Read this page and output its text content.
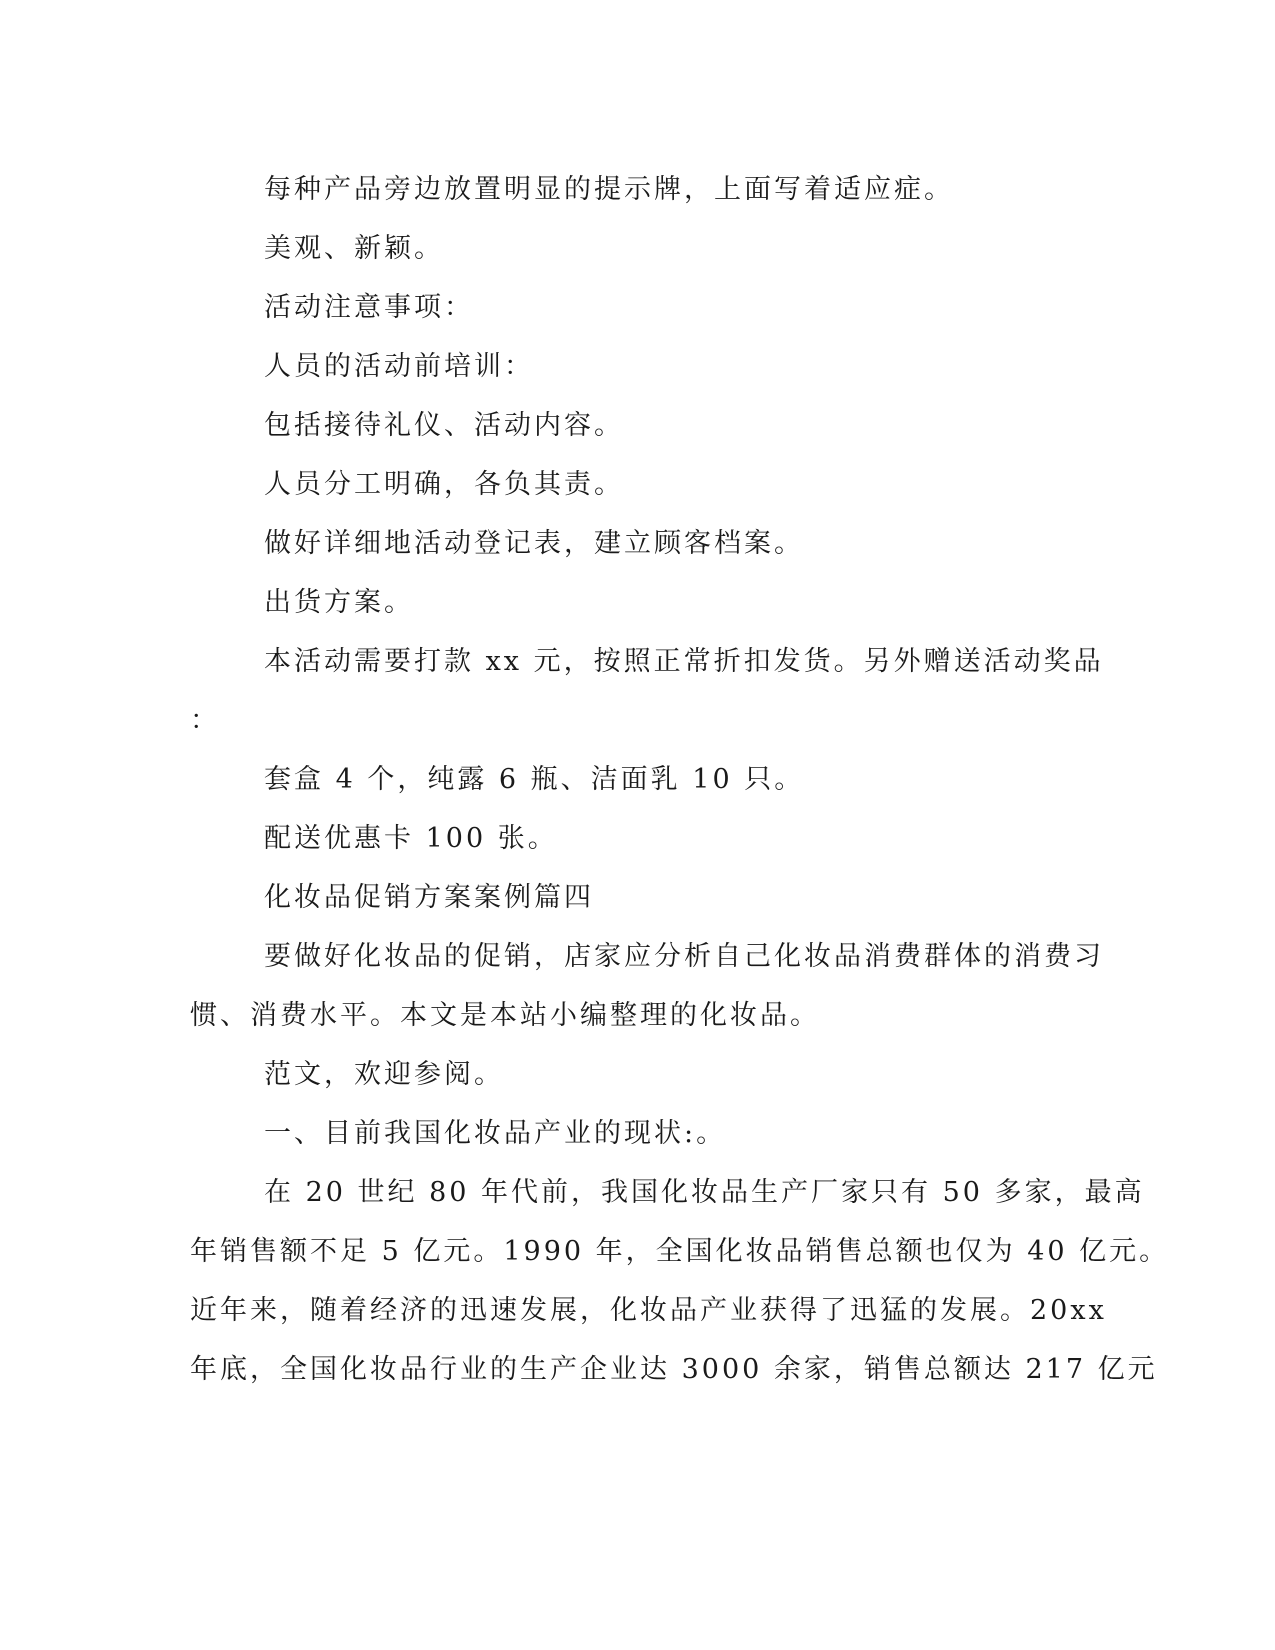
每种产品旁边放置明显的提示牌，上面写着适应症。
美观、新颖。
活动注意事项：
人员的活动前培训：
包括接待礼仪、活动内容。
人员分工明确，各负其责。
做好详细地活动登记表，建立顾客档案。
出货方案。
本活动需要打款 xx 元，按照正常折扣发货。另外赠送活动奖品
：
套盒 4 个，纯露 6 瓶、洁面乳 10 只。
配送优惠卡 100 张。
化妆品促销方案案例篇四
要做好化妆品的促销，店家应分析自己化妆品消费群体的消费习
惯、消费水平。本文是本站小编整理的化妆品。
范文，欢迎参阅。
一、目前我国化妆品产业的现状:。
在 20 世纪 80 年代前，我国化妆品生产厂家只有 50 多家，最高
年销售额不足 5 亿元。1990 年，全国化妆品销售总额也仅为 40 亿元。
近年来，随着经济的迅速发展，化妆品产业获得了迅猛的发展。20xx
年底，全国化妆品行业的生产企业达 3000 余家，销售总额达 217 亿元
